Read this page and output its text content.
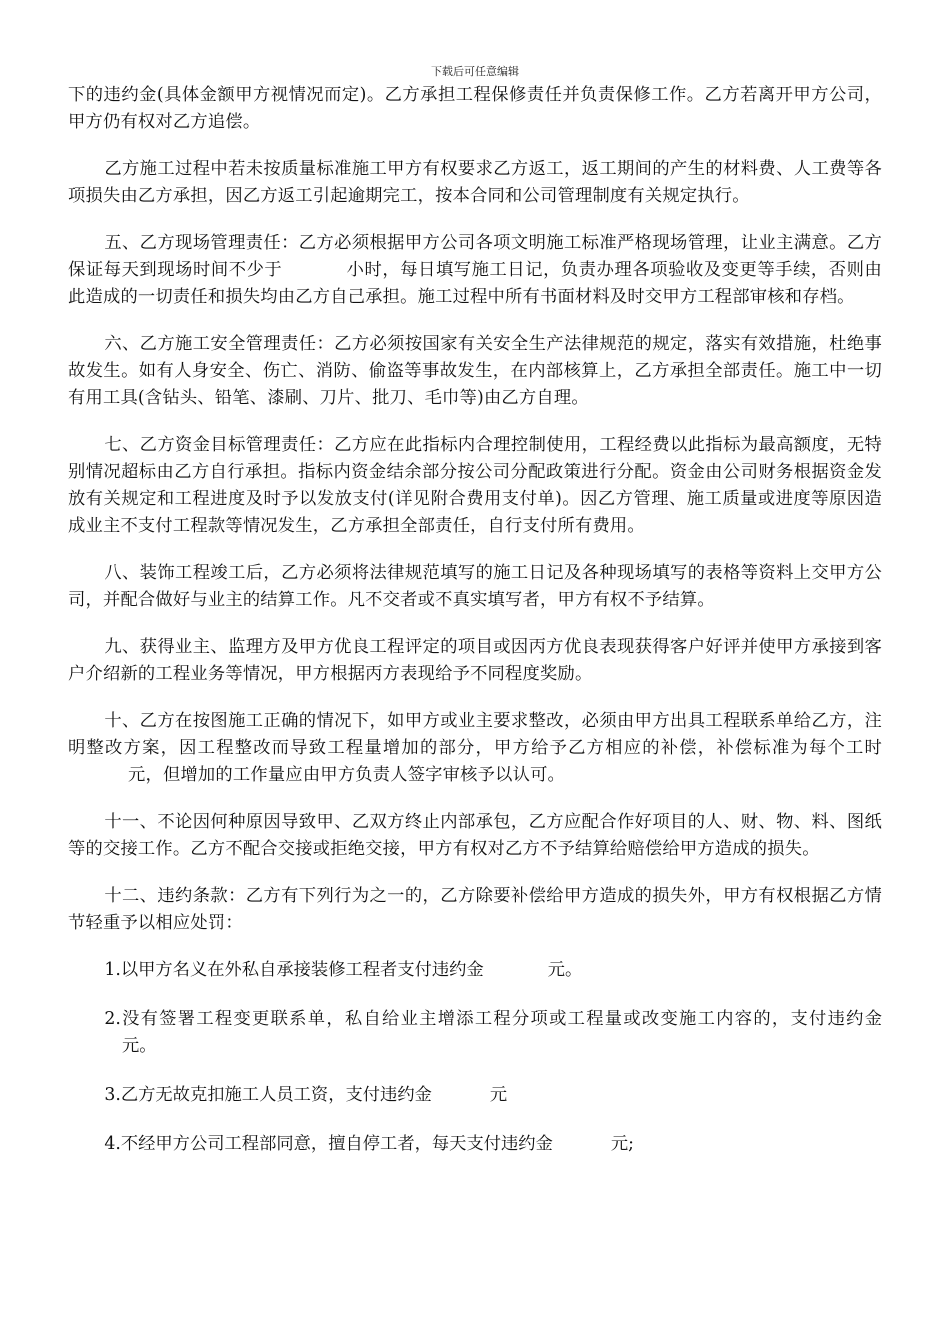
下载后可任意编辑

下的违约金(具体金额甲方视情况而定)。乙方承担工程保修责任并负责保修工作。乙方若离开甲方公司，甲方仍有权对乙方追偿。

乙方施工过程中若未按质量标准施工甲方有权要求乙方返工，返工期间的产生的材料费、人工费等各项损失由乙方承担，因乙方返工引起逾期完工，按本合同和公司管理制度有关规定执行。

五、乙方现场管理责任：乙方必须根据甲方公司各项文明施工标准严格现场管理，让业主满意。乙方保证每天到现场时间不少于	小时，每日填写施工日记，负责办理各项验收及变更等手续，否则由此造成的一切责任和损失均由乙方自己承担。施工过程中所有书面材料及时交甲方工程部审核和存档。

六、乙方施工安全管理责任：乙方必须按国家有关安全生产法律规范的规定，落实有效措施，杜绝事故发生。如有人身安全、伤亡、消防、偷盗等事故发生，在内部核算上，乙方承担全部责任。施工中一切有用工具(含钻头、铅笔、漆刷、刀片、批刀、毛巾等)由乙方自理。

七、乙方资金目标管理责任：乙方应在此指标内合理控制使用，工程经费以此指标为最高额度，无特别情况超标由乙方自行承担。指标内资金结余部分按公司分配政策进行分配。资金由公司财务根据资金发放有关规定和工程进度及时予以发放支付(详见附合费用支付单)。因乙方管理、施工质量或进度等原因造成业主不支付工程款等情况发生，乙方承担全部责任，自行支付所有费用。

八、装饰工程竣工后，乙方必须将法律规范填写的施工日记及各种现场填写的表格等资料上交甲方公司，并配合做好与业主的结算工作。凡不交者或不真实填写者，甲方有权不予结算。

九、获得业主、监理方及甲方优良工程评定的项目或因丙方优良表现获得客户好评并使甲方承接到客户介绍新的工程业务等情况，甲方根据丙方表现给予不同程度奖励。

十、乙方在按图施工正确的情况下，如甲方或业主要求整改，必须由甲方出具工程联系单给乙方，注明整改方案，因工程整改而导致工程量增加的部分，甲方给予乙方相应的补偿，补偿标准为每个工时元，但增加的工作量应由甲方负责人签字审核予以认可。

十一、不论因何种原因导致甲、乙双方终止内部承包，乙方应配合作好项目的人、财、物、料、图纸等的交接工作。乙方不配合交接或拒绝交接，甲方有权对乙方不予结算给赔偿给甲方造成的损失。

十二、违约条款：乙方有下列行为之一的，乙方除要补偿给甲方造成的损失外，甲方有权根据乙方情节轻重予以相应处罚：

1.以甲方名义在外私自承接装修工程者支付违约金	元。

2.没有签署工程变更联系单，私自给业主增添工程分项或工程量或改变施工内容的，支付违约金元。

3.乙方无故克扣施工人员工资，支付违约金	元

4.不经甲方公司工程部同意，擅自停工者，每天支付违约金	元;
